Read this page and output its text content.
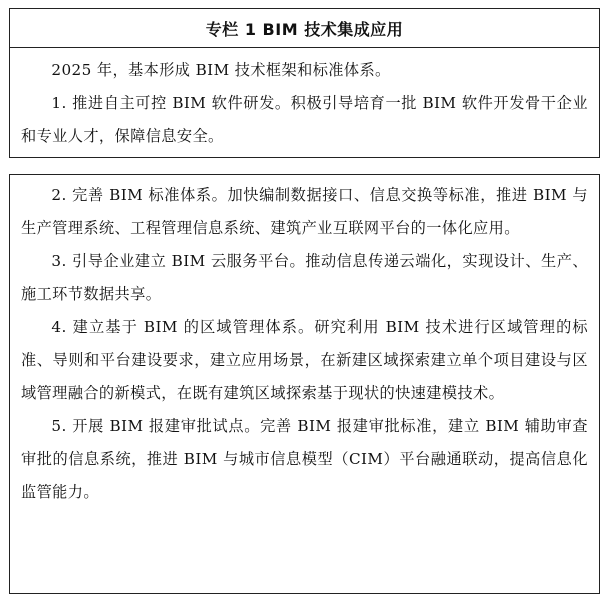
专栏 1 BIM 技术集成应用

2025 年，基本形成 BIM 技术框架和标准体系。

1. 推进自主可控 BIM 软件研发。积极引导培育一批 BIM 软件开发骨干企业和专业人才，保障信息安全。

2. 完善 BIM 标准体系。加快编制数据接口、信息交换等标准，推进 BIM 与生产管理系统、工程管理信息系统、建筑产业互联网平台的一体化应用。

3. 引导企业建立 BIM 云服务平台。推动信息传递云端化，实现设计、生产、施工环节数据共享。

4. 建立基于 BIM 的区域管理体系。研究利用 BIM 技术进行区域管理的标准、导则和平台建设要求，建立应用场景，在新建区域探索建立单个项目建设与区域管理融合的新模式，在既有建筑区域探索基于现状的快速建模技术。

5. 开展 BIM 报建审批试点。完善 BIM 报建审批标准，建立 BIM 辅助审查审批的信息系统，推进 BIM 与城市信息模型（CIM）平台融通联动，提高信息化监管能力。
